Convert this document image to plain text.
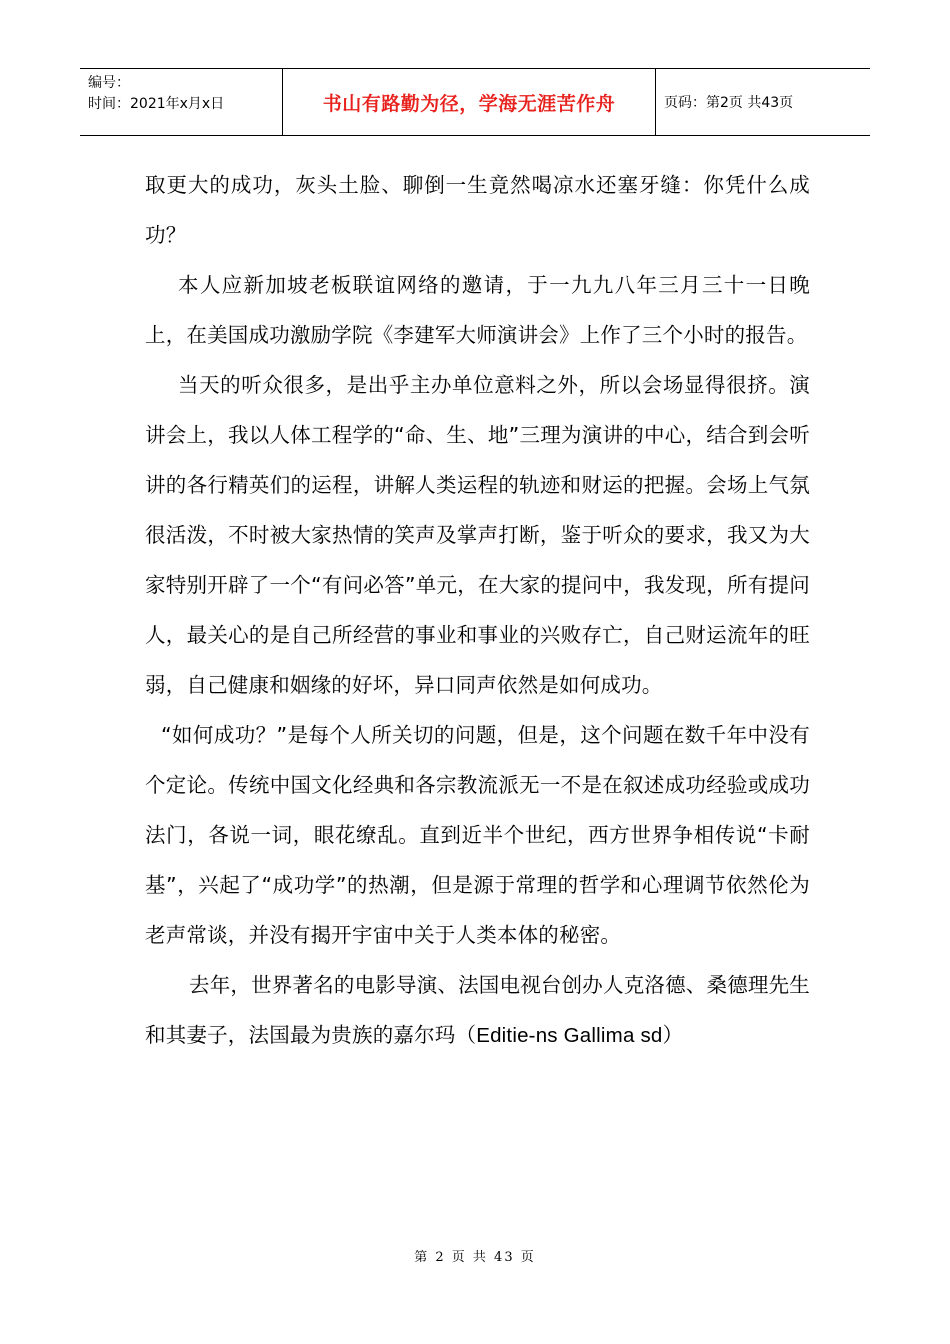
编号：
时间：2021年x月x日	书山有路勤为径，学海无涯苦作舟	页码：第2页 共43页

取更大的成功，灰头土脸、聊倒一生竟然喝凉水还塞牙缝：你凭什么成功？

本人应新加坡老板联谊网络的邀请，于一九九八年三月三十一日晚上，在美国成功激励学院《李建军大师演讲会》上作了三个小时的报告。

当天的听众很多，是出乎主办单位意料之外，所以会场显得很挤。演讲会上，我以人体工程学的“命、生、地”三理为演讲的中心，结合到会听讲的各行精英们的运程，讲解人类运程的轨迹和财运的把握。会场上气氛很活泼，不时被大家热情的笑声及掌声打断，鉴于听众的要求，我又为大家特别开辟了一个“有问必答”单元，在大家的提问中，我发现，所有提问人，最关心的是自己所经营的事业和事业的兴败存亡，自己财运流年的旺弱，自己健康和姻缘的好坏，异口同声依然是如何成功。

“如何成功？”是每个人所关切的问题，但是，这个问题在数千年中没有个定论。传统中国文化经典和各宗教流派无一不是在叙述成功经验或成功法门，各说一词，眼花缭乱。直到近半个世纪，西方世界争相传说“卡耐基”，兴起了“成功学”的热潮，但是源于常理的哲学和心理调节依然伦为老声常谈，并没有揭开宇宙中关于人类本体的秘密。

去年，世界著名的电影导演、法国电视台创办人克洛德、桑德理先生和其妻子，法国最为贵族的嘉尔玛（Editie-ns Gallima sd）

第 2 页 共 43 页
